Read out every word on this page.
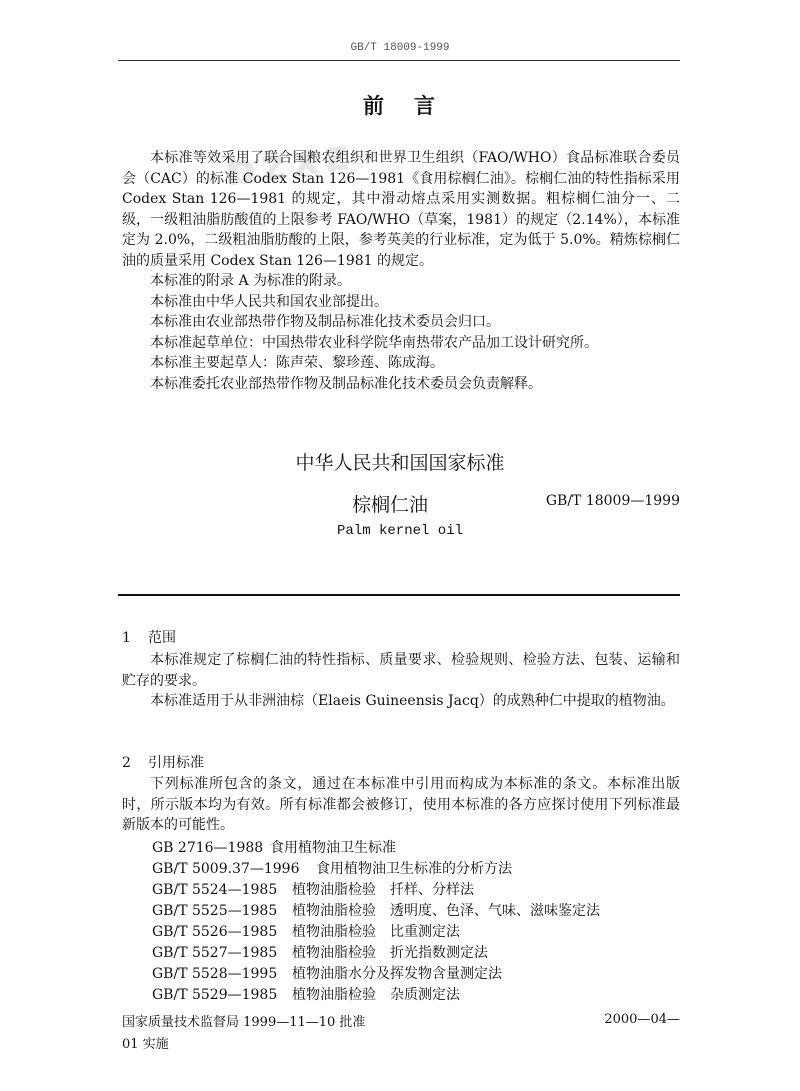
GB/T 18009-1999
bzxz
前 言

本标准等效采用了联合国粮农组织和世界卫生组织（FAO/WHO）食品标准联合委员会（CAC）的标准 Codex Stan 126—1981《食用棕榈仁油》。棕榈仁油的特性指标采用 Codex Stan 126—1981 的规定，其中滑动熔点采用实测数据。粗棕榈仁油分一、二级，一级粗油脂肪酸值的上限参考 FAO/WHO（草案，1981）的规定（2.14%），本标准定为 2.0%，二级粗油脂肪酸的上限，参考英美的行业标准，定为低于 5.0%。精炼棕榈仁油的质量采用 Codex Stan 126—1981 的规定。

本标准的附录 A 为标准的附录。

本标准由中华人民共和国农业部提出。

本标准由农业部热带作物及制品标准化技术委员会归口。

本标准起草单位：中国热带农业科学院华南热带农产品加工设计研究所。

本标准主要起草人：陈声荣、黎珍莲、陈成海。

本标准委托农业部热带作物及制品标准化技术委员会负责解释。

中华人民共和国国家标准
棕榈仁油	GB/T 18009—1999
Palm kernel oil
1 范围

本标准规定了棕榈仁油的特性指标、质量要求、检验规则、检验方法、包装、运输和贮存的要求。

本标准适用于从非洲油棕（Elaeis Guineensis Jacq）的成熟种仁中提取的植物油。

2 引用标准

下列标准所包含的条文，通过在本标准中引用而构成为本标准的条文。本标准出版时，所示版本均为有效。所有标准都会被修订，使用本标准的各方应探讨使用下列标准最新版本的可能性。

GB 2716—1988 食用植物油卫生标准
GB/T 5009.37—1996 食用植物油卫生标准的分析方法
GB/T 5524—1985 植物油脂检验　扦样、分样法
GB/T 5525—1985 植物油脂检验　透明度、色泽、气味、滋味鉴定法
GB/T 5526—1985 植物油脂检验　比重测定法
GB/T 5527—1985 植物油脂检验　折光指数测定法
GB/T 5528—1995 植物油脂水分及挥发物含量测定法
GB/T 5529—1985 植物油脂检验　杂质测定法
国家质量技术监督局 1999—11—10 批准
01 实施
2000—04—
